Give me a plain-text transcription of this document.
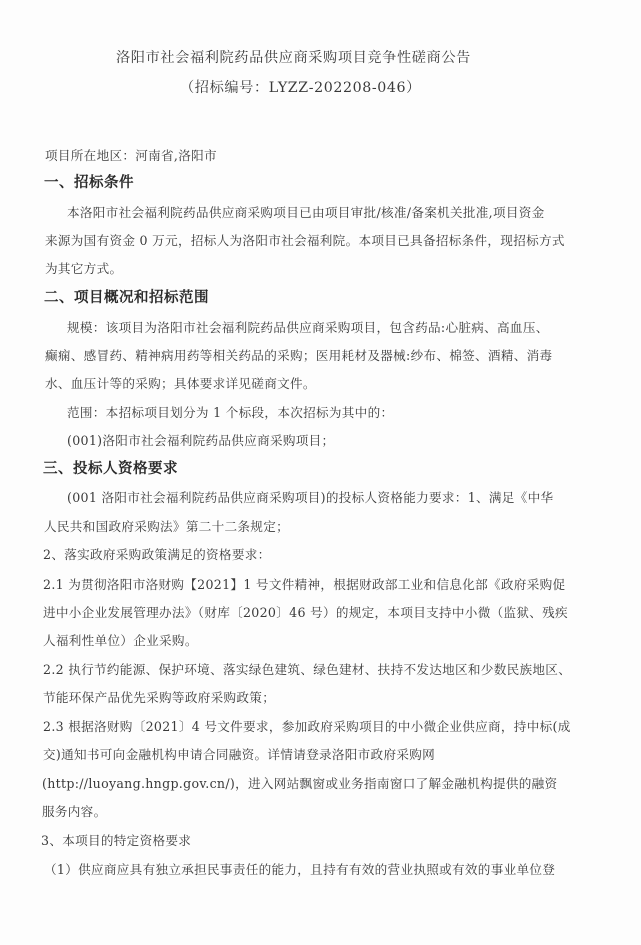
洛阳市社会福利院药品供应商采购项目竞争性磋商公告
（招标编号：LYZZ-202208-046）
项目所在地区：河南省,洛阳市
一、招标条件
本洛阳市社会福利院药品供应商采购项目已由项目审批/核准/备案机关批准,项目资金
来源为国有资金 0 万元，招标人为洛阳市社会福利院。本项目已具备招标条件，现招标方式
为其它方式。
二、项目概况和招标范围
规模：该项目为洛阳市社会福利院药品供应商采购项目，包含药品:心脏病、高血压、
癫痫、感冒药、精神病用药等相关药品的采购；医用耗材及器械:纱布、棉签、酒精、消毒
水、血压计等的采购；具体要求详见磋商文件。
范围：本招标项目划分为 1 个标段，本次招标为其中的：
(001)洛阳市社会福利院药品供应商采购项目；
三、投标人资格要求
(001 洛阳市社会福利院药品供应商采购项目)的投标人资格能力要求：1、满足《中华
人民共和国政府采购法》第二十二条规定；
2、落实政府采购政策满足的资格要求：
2.1 为贯彻洛阳市洛财购【2021】1 号文件精神，根据财政部工业和信息化部《政府采购促
进中小企业发展管理办法》（财库〔2020〕46 号）的规定，本项目支持中小微（监狱、残疾
人福利性单位）企业采购。
2.2 执行节约能源、保护环境、落实绿色建筑、绿色建材、扶持不发达地区和少数民族地区、
节能环保产品优先采购等政府采购政策；
2.3 根据洛财购〔2021〕4 号文件要求，参加政府采购项目的中小微企业供应商，持中标(成
交)通知书可向金融机构申请合同融资。详情请登录洛阳市政府采购网
(http://luoyang.hngp.gov.cn/)，进入网站飘窗或业务指南窗口了解金融机构提供的融资
服务内容。
3、本项目的特定资格要求
（1）供应商应具有独立承担民事责任的能力，且持有有效的营业执照或有效的事业单位登
